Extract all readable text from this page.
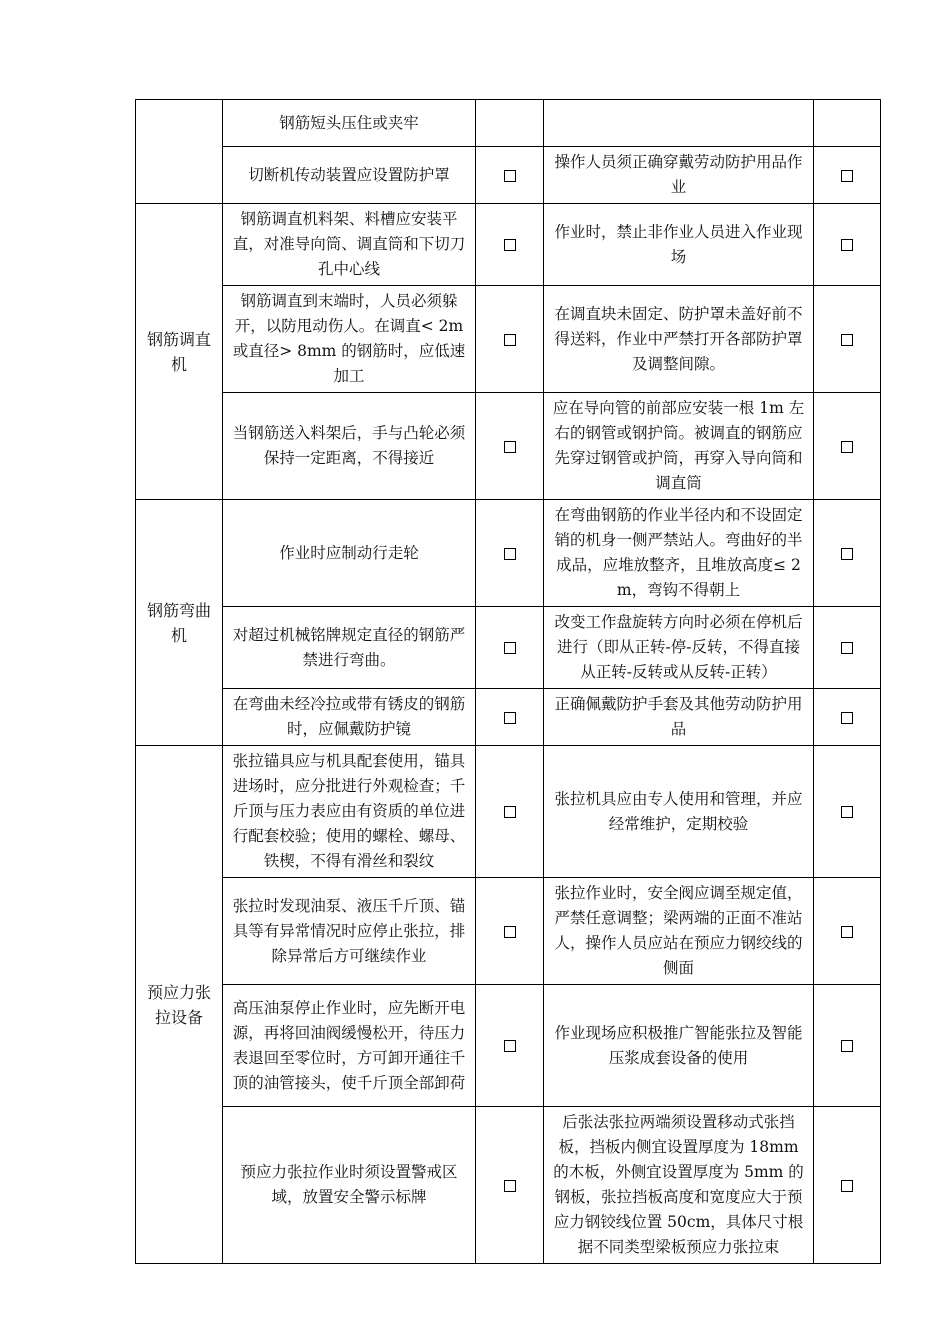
	钢筋短头压住或夹牢			
	切断机传动装置应设置防护罩		操作人员须正确穿戴劳动防护用品作业	
钢筋调直机	钢筋调直机料架、料槽应安装平直，对准导向筒、调直筒和下切刀孔中心线		作业时，禁止非作业人员进入作业现场	
	钢筋调直到末端时，人员必须躲开，以防甩动伤人。在调直< 2m 或直径> 8mm 的钢筋时，应低速加工		在调直块未固定、防护罩未盖好前不得送料，作业中严禁打开各部防护罩及调整间隙。	
	当钢筋送入料架后，手与凸轮必须保持一定距离，不得接近		应在导向管的前部应安装一根 1m 左右的钢管或钢护筒。被调直的钢筋应先穿过钢管或护筒，再穿入导向筒和调直筒	
钢筋弯曲机	作业时应制动行走轮		在弯曲钢筋的作业半径内和不设固定销的机身一侧严禁站人。弯曲好的半成品，应堆放整齐，且堆放高度≤ 2m，弯钩不得朝上	
	对超过机械铭牌规定直径的钢筋严禁进行弯曲。		改变工作盘旋转方向时必须在停机后进行（即从正转-停-反转，不得直接从正转-反转或从反转-正转）	
	在弯曲未经冷拉或带有锈皮的钢筋时，应佩戴防护镜		正确佩戴防护手套及其他劳动防护用品	
预应力张拉设备	张拉锚具应与机具配套使用，锚具进场时，应分批进行外观检查；千斤顶与压力表应由有资质的单位进行配套校验；使用的螺栓、螺母、铁楔，不得有滑丝和裂纹		张拉机具应由专人使用和管理，并应经常维护，定期校验	
	张拉时发现油泵、液压千斤顶、锚具等有异常情况时应停止张拉，排除异常后方可继续作业		张拉作业时，安全阀应调至规定值，严禁任意调整；梁两端的正面不准站人，操作人员应站在预应力钢绞线的侧面	
	高压油泵停止作业时，应先断开电源，再将回油阀缓慢松开，待压力表退回至零位时，方可卸开通往千顶的油管接头，使千斤顶全部卸荷		作业现场应积极推广智能张拉及智能压浆成套设备的使用	
	预应力张拉作业时须设置警戒区域，放置安全警示标牌		后张法张拉两端须设置移动式张挡板，挡板内侧宜设置厚度为 18mm 的木板，外侧宜设置厚度为 5mm 的钢板，张拉挡板高度和宽度应大于预应力钢铰线位置 50cm，具体尺寸根据不同类型梁板预应力张拉束	
